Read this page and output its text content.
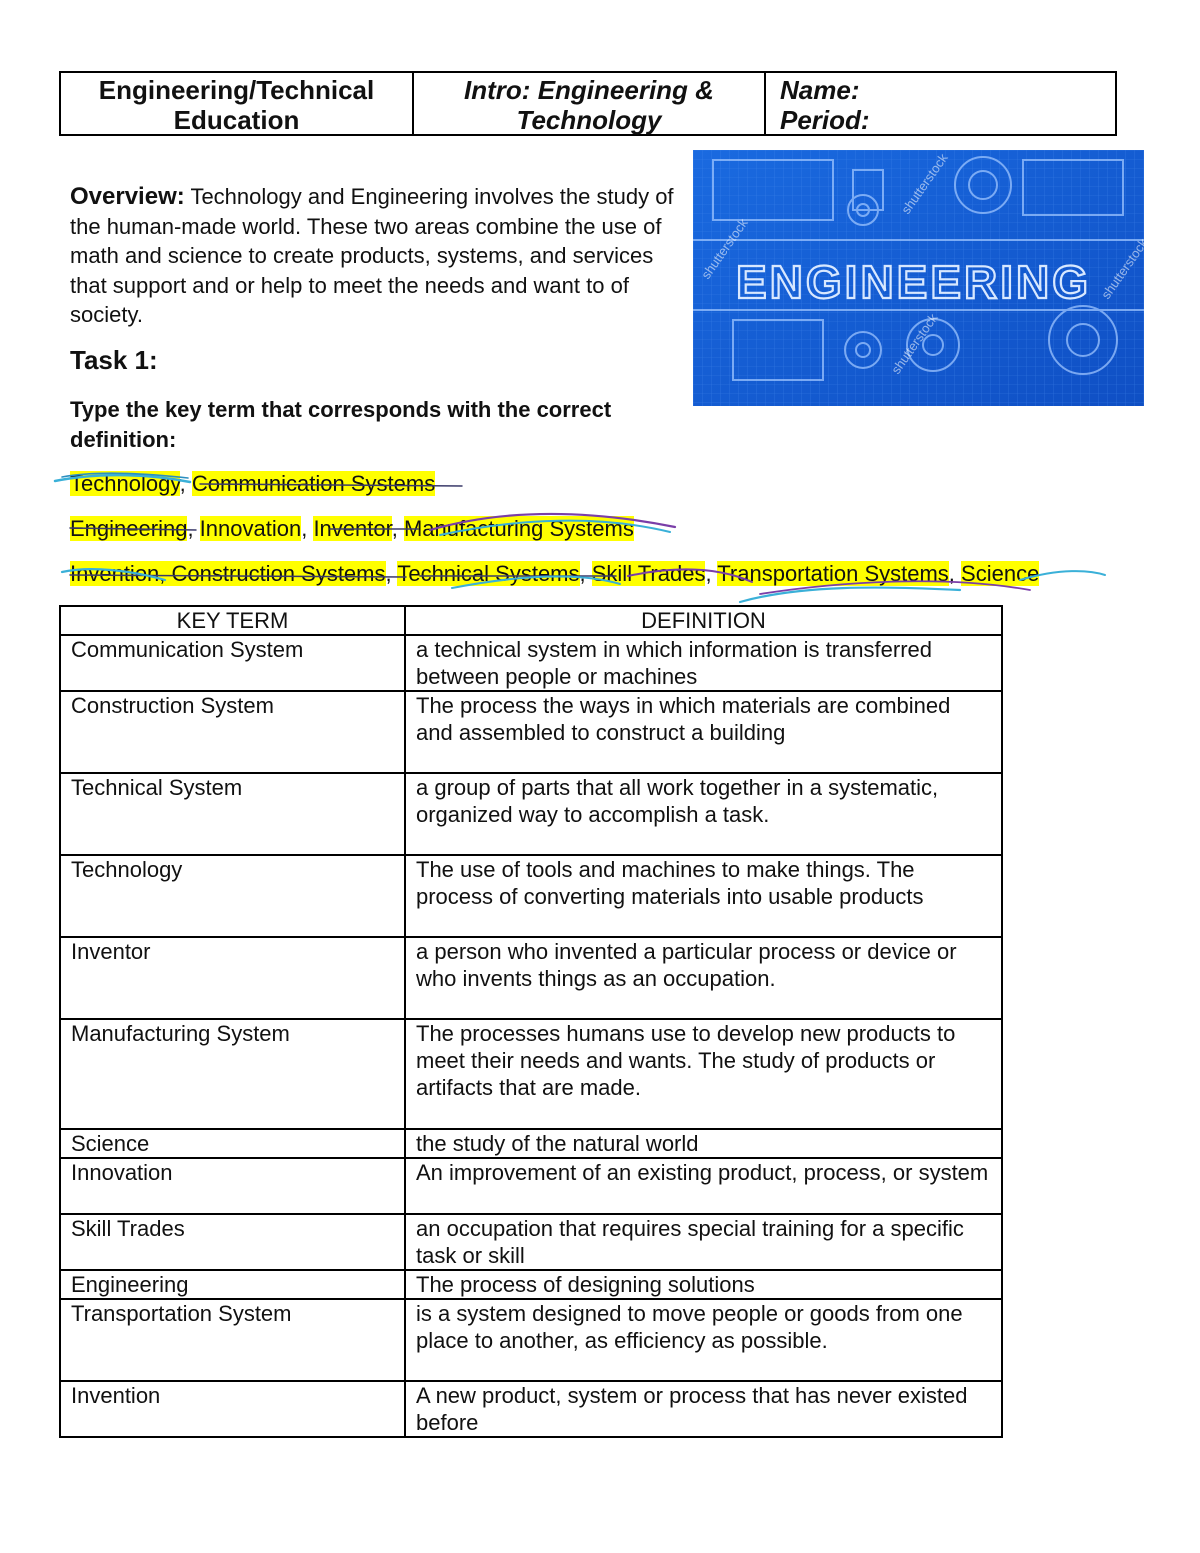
Engineering/Technical
Education
Intro: Engineering &
Technology
Name:
Period:
ENGINEERING
shutterstock
shutterstock
shutterstock
shutterstock
Overview: Technology and Engineering involves the study of the human-made world. These two areas combine the use of math and science to create products, systems, and services that support and or help to meet the needs and want to of society.
Task 1:
Type the key term that corresponds with the correct definition:
Technology, Communication Systems
Engineering, Innovation, Inventor, Manufacturing Systems
Invention, Construction Systems, Technical Systems, Skill Trades, Transportation Systems, Science
KEY TERM	DEFINITION
Communication System	a technical system in which information is transferred between people or machines
Construction System	The process the ways in which materials are combined and assembled to construct a building
Technical System	a group of parts that all work together in a systematic, organized way to accomplish a task.
Technology	The use of tools and machines to make things. The process of converting materials into usable products
Inventor	a person who invented a particular process or device or who invents things as an occupation.
Manufacturing System	The processes humans use to develop new products to meet their needs and wants. The study of products or artifacts that are made.
Science	the study of the natural world
Innovation	An improvement of an existing product, process, or system
Skill Trades	an occupation that requires special training for a specific task or skill
Engineering	The process of designing solutions
Transportation System	is a system designed to move people or goods from one place to another, as efficiency as possible.
Invention	A new product, system or process that has never existed before
